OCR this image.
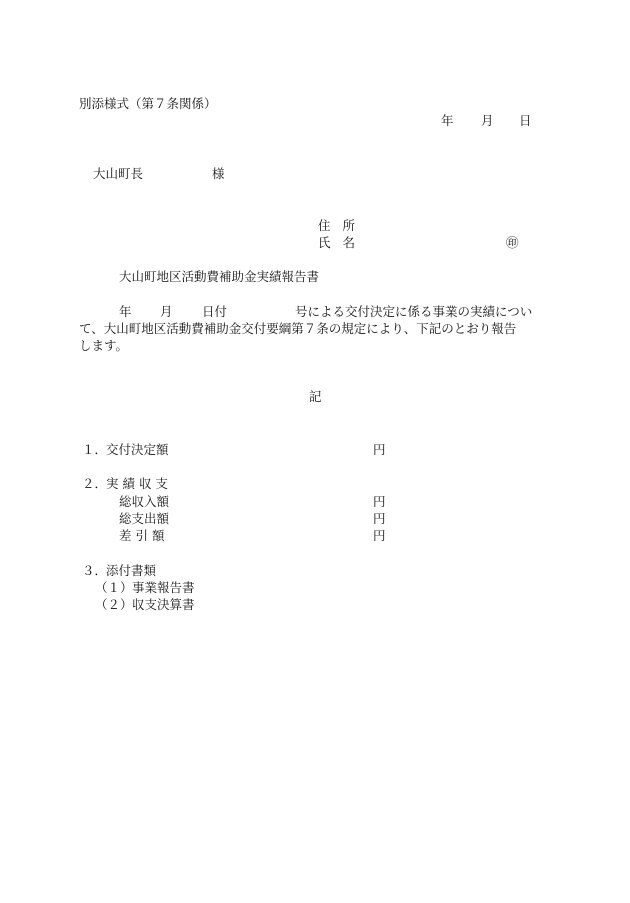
別添様式（第７条関係）
年 月 日
大山町長	様
住 所
氏 名	㊞
大山町地区活動費補助金実績報告書
年 月 日付	号による交付決定に係る事業の実績につい
て、大山町地区活動費補助金交付要綱第７条の規定により、下記のとおり報告
します。
記
１．
交付決定額	円
２．
実 績 収 支
総収入額	円
総支出額	円
差 引 額	円
３．
添付書類
（１） 事業報告書
（２） 収支決算書
